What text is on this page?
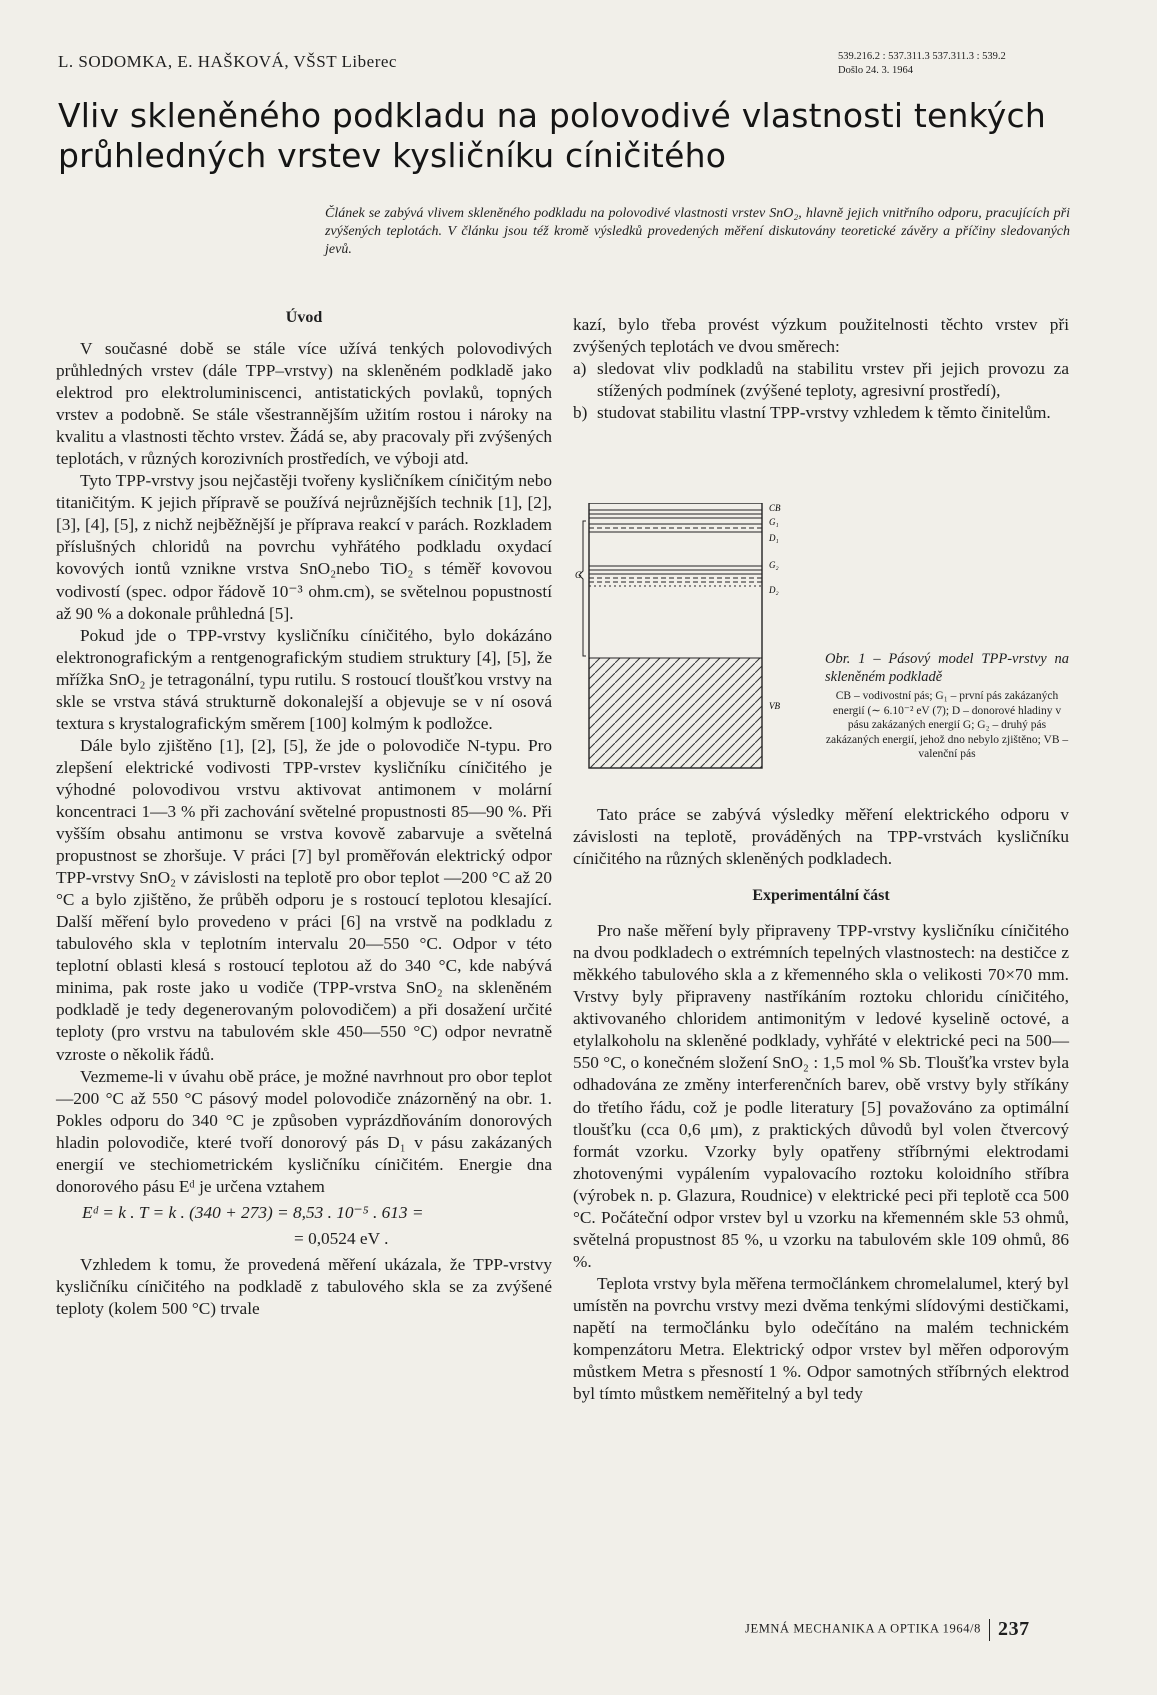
L. SODOMKA, E. HAŠKOVÁ, VŠST Liberec	539.216.2 : 537.311.3 537.311.3 : 539.2
Došlo 24. 3. 1964
Vliv skleněného podkladu na polovodivé vlastnosti tenkých
průhledných vrstev kysličníku cíničitého
Článek se zabývá vlivem skleněného podkladu na polovodivé vlastnosti vrstev SnO₂, hlavně jejich vnitřního odporu, pracujících při zvýšených teplotách. V článku jsou též kromě výsledků provedených měření diskutovány teoretické závěry a příčiny sledovaných jevů.
Úvod

V současné době se stále více užívá tenkých polovodivých průhledných vrstev (dále TPP–vrstvy) na skleněném podkladě jako elektrod pro elektroluminiscenci, antistatických povlaků, topných vrstev a podobně. Se stále všestrannějším užitím rostou i nároky na kvalitu a vlastnosti těchto vrstev. Žádá se, aby pracovaly při zvýšených teplotách, v různých korozivních prostředích, ve výboji atd.

Tyto TPP-vrstvy jsou nejčastěji tvořeny kysličníkem cíničitým nebo titaničitým. K jejich přípravě se používá nejrůznějších technik [1], [2], [3], [4], [5], z nichž nejběžnější je příprava reakcí v parách. Rozkladem příslušných chloridů na povrchu vyhřátého podkladu oxydací kovových iontů vznikne vrstva SnO₂nebo TiO₂ s téměř kovovou vodivostí (spec. odpor řádově 10⁻³ ohm.cm), se světelnou popustností až 90 % a dokonale průhledná [5].

Pokud jde o TPP-vrstvy kysličníku cíničitého, bylo dokázáno elektronografickým a rentgenografickým studiem struktury [4], [5], že mřížka SnO₂ je tetragonální, typu rutilu. S rostoucí tloušťkou vrstvy na skle se vrstva stává strukturně dokonalejší a objevuje se v ní osová textura s krystalografickým směrem [100] kolmým k podložce.

Dále bylo zjištěno [1], [2], [5], že jde o polovodiče N-typu. Pro zlepšení elektrické vodivosti TPP-vrstev kysličníku cíničitého je výhodné polovodivou vrstvu aktivovat antimonem v molární koncentraci 1—3 % při zachování světelné propustnosti 85—90 %. Při vyšším obsahu antimonu se vrstva kovově zabarvuje a světelná propustnost se zhoršuje. V práci [7] byl proměřován elektrický odpor TPP-vrstvy SnO₂ v závislosti na teplotě pro obor teplot —200 °C až 20 °C a bylo zjištěno, že průběh odporu je s rostoucí teplotou klesající. Další měření bylo provedeno v práci [6] na vrstvě na podkladu z tabulového skla v teplotním intervalu 20—550 °C. Odpor v této teplotní oblasti klesá s rostoucí teplotou až do 340 °C, kde nabývá minima, pak roste jako u vodiče (TPP-vrstva SnO₂ na skleněném podkladě je tedy degenerovaným polovodičem) a při dosažení určité teploty (pro vrstvu na tabulovém skle 450—550 °C) odpor nevratně vzroste o několik řádů.

Vezmeme-li v úvahu obě práce, je možné navrhnout pro obor teplot —200 °C až 550 °C pásový model polovodiče znázorněný na obr. 1. Pokles odporu do 340 °C je způsoben vyprázdňováním donorových hladin polovodiče, které tvoří donorový pás D₁ v pásu zakázaných energií ve stechiometrickém kysličníku cíničitém. Energie dna donorového pásu Eᵈ je určena vztahem

Eᵈ = k . T = k . (340 + 273) = 8,53 . 10⁻⁵ . 613 =

= 0,0524 eV .

Vzhledem k tomu, že provedená měření ukázala, že TPP-vrstvy kysličníku cíničitého na podkladě z tabulového skla se za zvýšené teploty (kolem 500 °C) trvale

kazí, bylo třeba provést výzkum použitelnosti těchto vrstev při zvýšených teplotách ve dvou směrech:

a) sledovat vliv podkladů na stabilitu vrstev při jejich provozu za stížených podmínek (zvýšené teploty, agresivní prostředí),
b) studovat stabilitu vlastní TPP-vrstvy vzhledem k těmto činitelům.
G
CB
G₁
D₁
G₂
D₂
VB
Obr. 1 – Pásový model TPP-vrstvy na skleněném podkladě
CB – vodivostní pás; G₁ – první pás zakázaných energií (∼ 6.10⁻² eV (7); D – donorové hladiny v pásu zakázaných energií G; G₂ – druhý pás zakázaných energií, jehož dno nebylo zjištěno; VB – valenční pás

Tato práce se zabývá výsledky měření elektrického odporu v závislosti na teplotě, prováděných na TPP-vrstvách kysličníku cíničitého na různých skleněných podkladech.

Experimentální část

Pro naše měření byly připraveny TPP-vrstvy kysličníku cíničitého na dvou podkladech o extrémních tepelných vlastnostech: na destičce z měkkého tabulového skla a z křemenného skla o velikosti 70×70 mm. Vrstvy byly připraveny nastříkáním roztoku chloridu cíničitého, aktivovaného chloridem antimonitým v ledové kyselině octové, a etylalkoholu na skleněné podklady, vyhřáté v elektrické peci na 500—550 °C, o konečném složení SnO₂ : 1,5 mol % Sb. Tloušťka vrstev byla odhadována ze změny interferenčních barev, obě vrstvy byly stříkány do třetího řádu, což je podle literatury [5] považováno za optimální tloušťku (cca 0,6 μm), z praktických důvodů byl volen čtvercový formát vzorku. Vzorky byly opatřeny stříbrnými elektrodami zhotovenými vypálením vypalovacího roztoku koloidního stříbra (výrobek n. p. Glazura, Roudnice) v elektrické peci při teplotě cca 500 °C. Počáteční odpor vrstev byl u vzorku na křemenném skle 53 ohmů, světelná propustnost 85 %, u vzorku na tabulovém skle 109 ohmů, 86 %.

Teplota vrstvy byla měřena termočlánkem chromelalumel, který byl umístěn na povrchu vrstvy mezi dvěma tenkými slídovými destičkami, napětí na termočlánku bylo odečítáno na malém technickém kompenzátoru Metra. Elektrický odpor vrstev byl měřen odporovým můstkem Metra s přesností 1 %. Odpor samotných stříbrných elektrod byl tímto můstkem neměřitelný a byl tedy

JEMNÁ MECHANIKA A OPTIKA 1964/8 237
